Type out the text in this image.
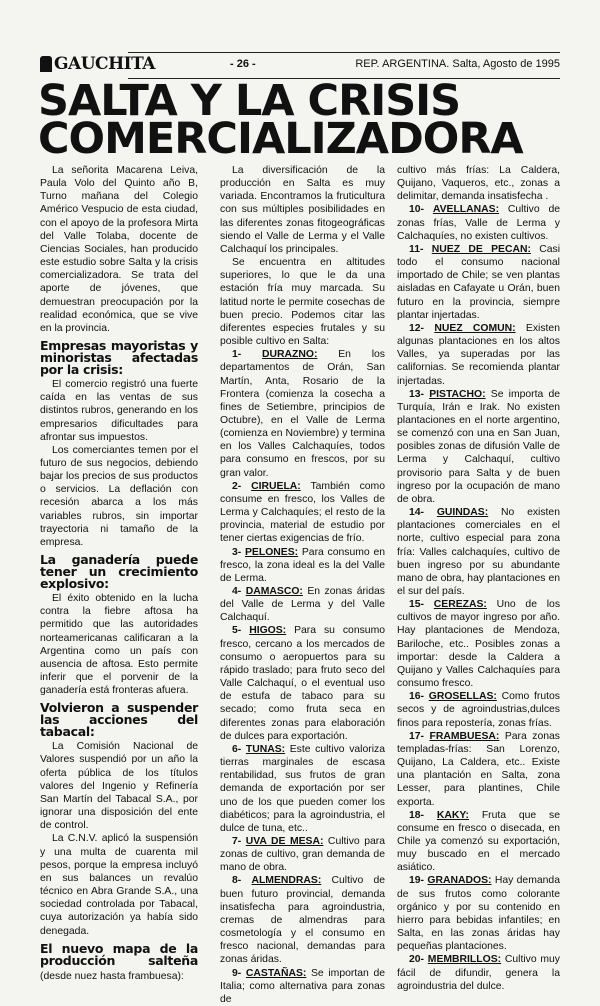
GAUCHITA	- 26 -	REP. ARGENTINA. Salta, Agosto de 1995
SALTA Y LA CRISIS
COMERCIALIZADORA

La señorita Macarena Leiva, Paula Volo del Quinto año B, Turno mañana del Colegio Américo Vespucio de esta ciudad, con el apoyo de la profesora Mirta del Valle Tolaba, docente de Ciencias Sociales, han producido este estudio sobre Salta y la crisis comercializadora. Se trata del aporte de jóvenes, que demuestran preocupación por la realidad económica, que se vive en la provincia.

Empresas mayoristas y minoristas afectadas por la crisis:

El comercio registró una fuerte caída en las ventas de sus distintos rubros, generando en los empresarios dificultades para afrontar sus impuestos.

Los comerciantes temen por el futuro de sus negocios, debiendo bajar los precios de sus productos o servicios. La deflación con recesión abarca a los más variables rubros, sin importar trayectoria ni tamaño de la empresa.

La ganadería puede tener un crecimiento explosivo:

El éxito obtenido en la lucha contra la fiebre aftosa ha permitido que las autoridades norteamericanas calificaran a la Argentina como un país con ausencia de aftosa. Esto permite inferir que el porvenir de la ganadería está fronteras afuera.

Volvieron a suspender las acciones del tabacal:

La Comisión Nacional de Valores suspendió por un año la oferta pública de los títulos valores del Ingenio y Refinería San Martín del Tabacal S.A., por ignorar una disposición del ente de control.

La C.N.V. aplicó la suspensión y una multa de cuarenta mil pesos, porque la empresa incluyó en sus balances un revalúo técnico en Abra Grande S.A., una sociedad controlada por Tabacal, cuya autorización ya había sido denegada.

El nuevo mapa de la producción salteña (desde nuez hasta frambuesa):

La diversificación de la producción en Salta es muy variada. Encontramos la fruticultura con sus múltiples posibilidades en las diferentes zonas fitogeográficas siendo el Valle de Lerma y el Valle Calchaquí los principales.

Se encuentra en altitudes superiores, lo que le da una estación fría muy marcada. Su latitud norte le permite cosechas de buen precio. Podemos citar las diferentes especies frutales y su posible cultivo en Salta:

1- DURAZNO: En los departamentos de Orán, San Martín, Anta, Rosario de la Frontera (comienza la cosecha a fines de Setiembre, principios de Octubre), en el Valle de Lerma (comienza en Noviembre) y termina en los Valles Calchaquíes, todos para consumo en frescos, por su gran valor.

2- CIRUELA: También como consume en fresco, los Valles de Lerma y Calchaquíes; el resto de la provincia, material de estudio por tener ciertas exigencias de frío.

3- PELONES: Para consumo en fresco, la zona ideal es la del Valle de Lerma.

4- DAMASCO: En zonas áridas del Valle de Lerma y del Valle Calchaquí.

5- HIGOS: Para su consumo fresco, cercano a los mercados de consumo o aeropuertos para su rápido traslado; para fruto seco del Valle Calchaquí, o el eventual uso de estufa de tabaco para su secado; como fruta seca en diferentes zonas para elaboración de dulces para exportación.

6- TUNAS: Este cultivo valoriza tierras marginales de escasa rentabilidad, sus frutos de gran demanda de exportación por ser uno de los que pueden comer los diabéticos; para la agroindustria, el dulce de tuna, etc..

7- UVA DE MESA: Cultivo para zonas de cultivo, gran demanda de mano de obra.

8- ALMENDRAS: Cultivo de buen futuro provincial, demanda insatisfecha para agroindustria, cremas de almendras para cosmetología y el consumo en fresco nacional, demandas para zonas áridas.

9- CASTAÑAS: Se importan de Italia; como alternativa para zonas de

cultivo más frías: La Caldera, Quijano, Vaqueros, etc., zonas a delimitar, demanda insatisfecha .

10- AVELLANAS: Cultivo de zonas frías, Valle de Lerma y Calchaquíes, no existen cultivos.

11- NUEZ DE PECAN: Casi todo el consumo nacional importado de Chile; se ven plantas aisladas en Cafayate u Orán, buen futuro en la provincia, siempre plantar injertadas.

12- NUEZ COMUN: Existen algunas plantaciones en los altos Valles, ya superadas por las californias. Se recomienda plantar injertadas.

13- PISTACHO: Se importa de Turquía, Irán e Irak. No existen plantaciones en el norte argentino, se comenzó con una en San Juan, posibles zonas de difusión Valle de Lerma y Calchaquí, cultivo provisorio para Salta y de buen ingreso por la ocupación de mano de obra.

14- GUINDAS: No existen plantaciones comerciales en el norte, cultivo especial para zona fría: Valles calchaquíes, cultivo de buen ingreso por su abundante mano de obra, hay plantaciones en el sur del país.

15- CEREZAS: Uno de los cultivos de mayor ingreso por año. Hay plantaciones de Mendoza, Bariloche, etc.. Posibles zonas a importar: desde la Caldera a Quijano y Valles Calchaquíes para consumo fresco.

16- GROSELLAS: Como frutos secos y de agroindustrias,dulces finos para repostería, zonas frías.

17- FRAMBUESA: Para zonas templadas-frías: San Lorenzo, Quijano, La Caldera, etc.. Existe una plantación en Salta, zona Lesser, para plantines, Chile exporta.

18- KAKY: Fruta que se consume en fresco o disecada, en Chile ya comenzó su exportación, muy buscado en el mercado asiático.

19- GRANADOS: Hay demanda de sus frutos como colorante orgánico y por su contenido en hierro para bebidas infantiles; en Salta, en las zonas áridas hay pequeñas plantaciones.

20- MEMBRILLOS: Cultivo muy fácil de difundir, genera la agroindustria del dulce.
